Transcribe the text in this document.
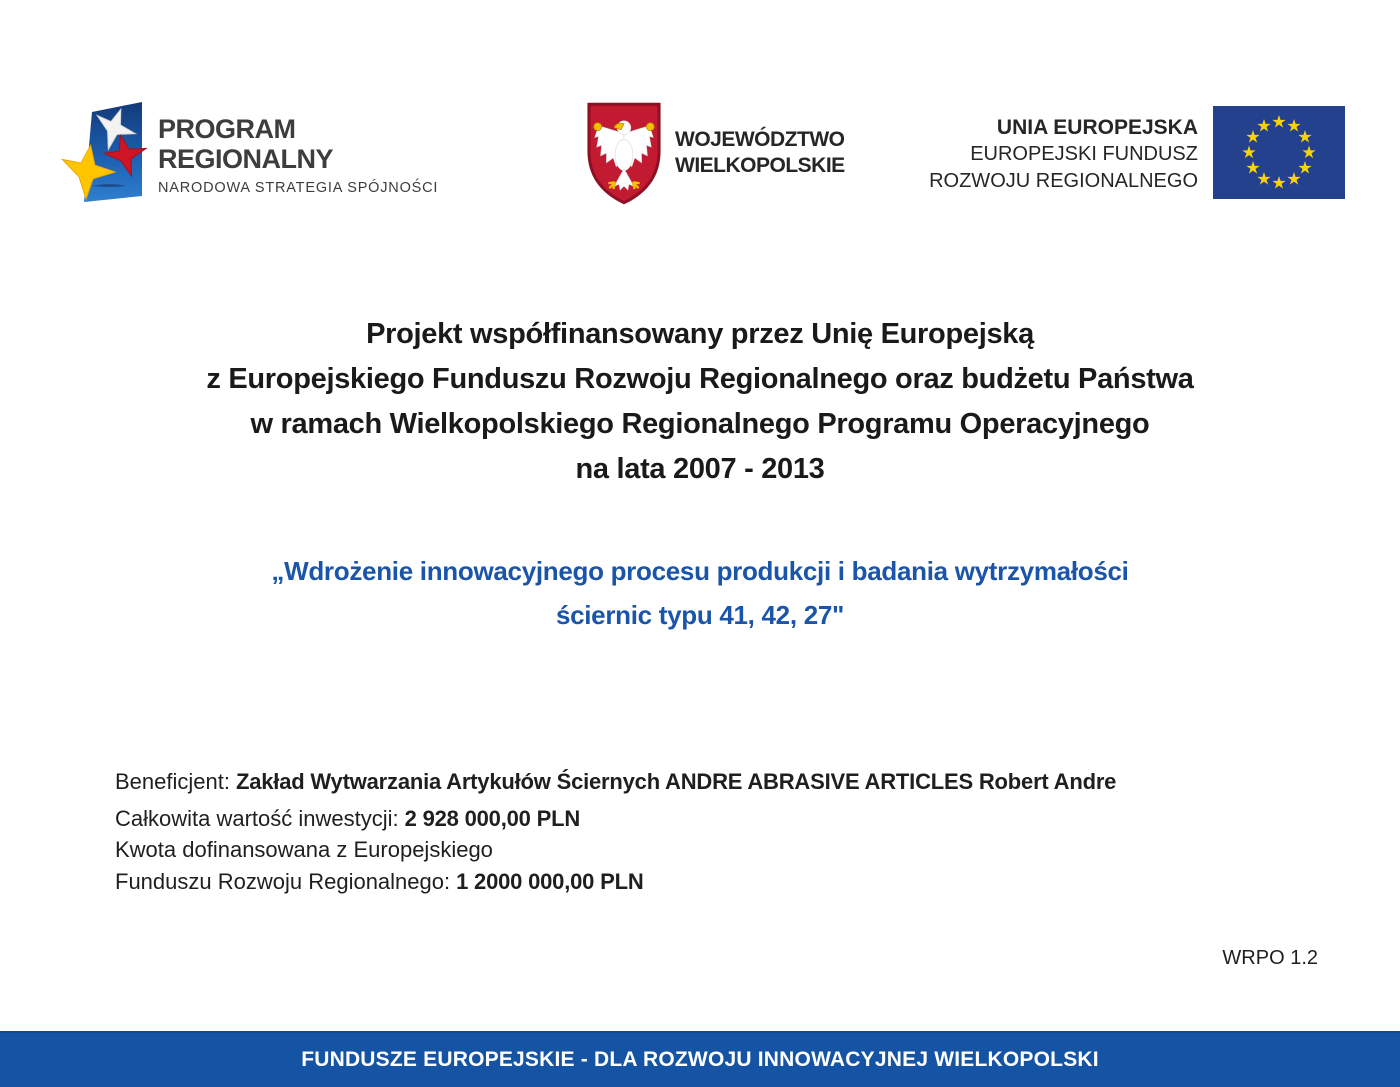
PROGRAM
REGIONALNY
NARODOWA STRATEGIA SPÓJNOŚCI
WOJEWÓDZTWO
WIELKOPOLSKIE
UNIA EUROPEJSKA
EUROPEJSKI FUNDUSZ
ROZWOJU REGIONALNEGO
Projekt współfinansowany przez Unię Europejską
z Europejskiego Funduszu Rozwoju Regionalnego oraz budżetu Państwa
w ramach Wielkopolskiego Regionalnego Programu Operacyjnego
na lata 2007 - 2013
„Wdrożenie innowacyjnego procesu produkcji i badania wytrzymałości
ściernic typu 41, 42, 27"
Beneficjent: Zakład Wytwarzania Artykułów Ściernych ANDRE ABRASIVE ARTICLES Robert Andre
Całkowita wartość inwestycji: 2 928 000,00 PLN
Kwota dofinansowana z Europejskiego
Funduszu Rozwoju Regionalnego: 1 2000 000,00 PLN
WRPO 1.2
FUNDUSZE EUROPEJSKIE - DLA ROZWOJU INNOWACYJNEJ WIELKOPOLSKI
